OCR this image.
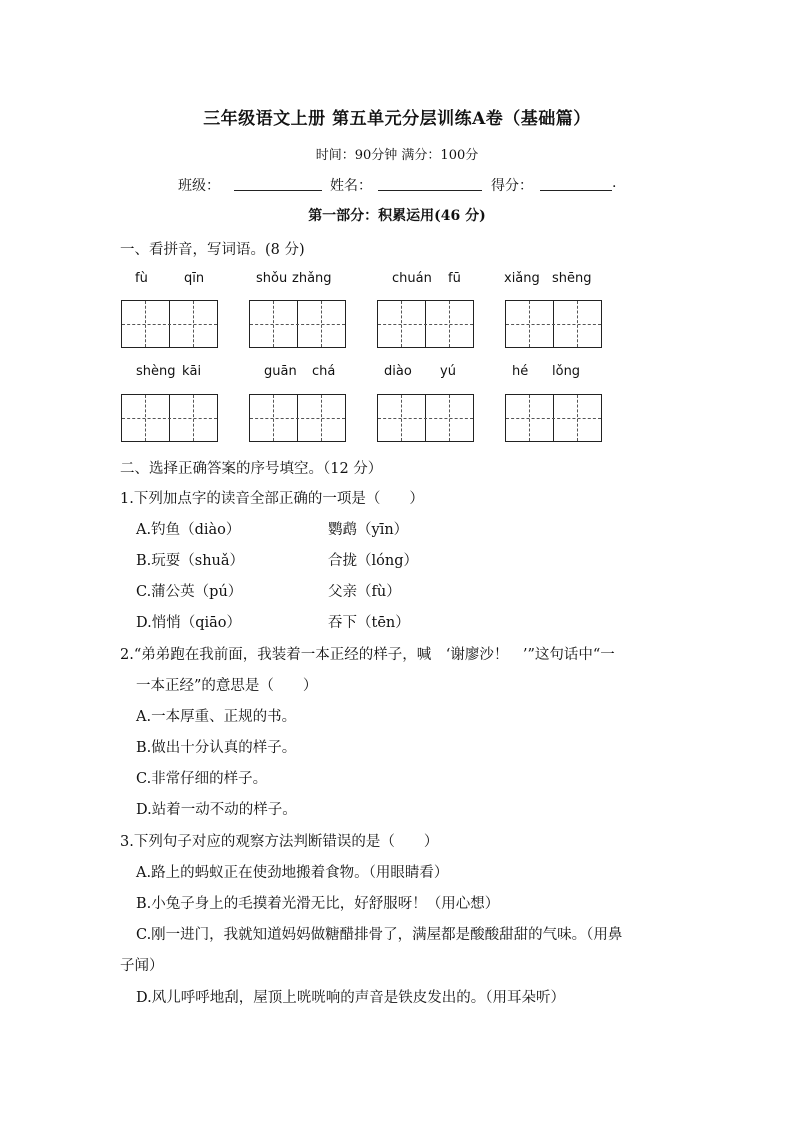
三年级语文上册 第五单元分层训练A卷（基础篇）
时间：90分钟 满分：100分
班级：	姓名：	得分：	.
第一部分：积累运用(46 分)
一、看拼音，写词语。(8 分)
fù	qīn	shǒu zhǎng	chuán fū	xiǎng shēng
shèng kāi	guān chá	diào yú	hé lǒng
二、选择正确答案的序号填空。（12 分）
1.下列加点字的读音全部正确的一项是（　　）
A.钓鱼（diào）	鹦鹉（yīn）
B.玩耍（shuǎ）	合拢（lóng）
C.蒲公英（pú）	父亲（fù）
D.悄悄（qiāo）	吞下（tēn）
2.“弟弟跑在我前面，我装着一本正经的样子，喊　‘谢廖沙！　’”这句话中“一
一本正经”的意思是（　　）
A.一本厚重、正规的书。
B.做出十分认真的样子。
C.非常仔细的样子。
D.站着一动不动的样子。
3.下列句子对应的观察方法判断错误的是（　　）
A.路上的蚂蚁正在使劲地搬着食物。（用眼睛看）
B.小兔子身上的毛摸着光滑无比，好舒服呀！（用心想）
C.刚一进门，我就知道妈妈做糖醋排骨了，满屋都是酸酸甜甜的气味。（用鼻
子闻）
D.风儿呼呼地刮，屋顶上咣咣响的声音是铁皮发出的。（用耳朵听）
